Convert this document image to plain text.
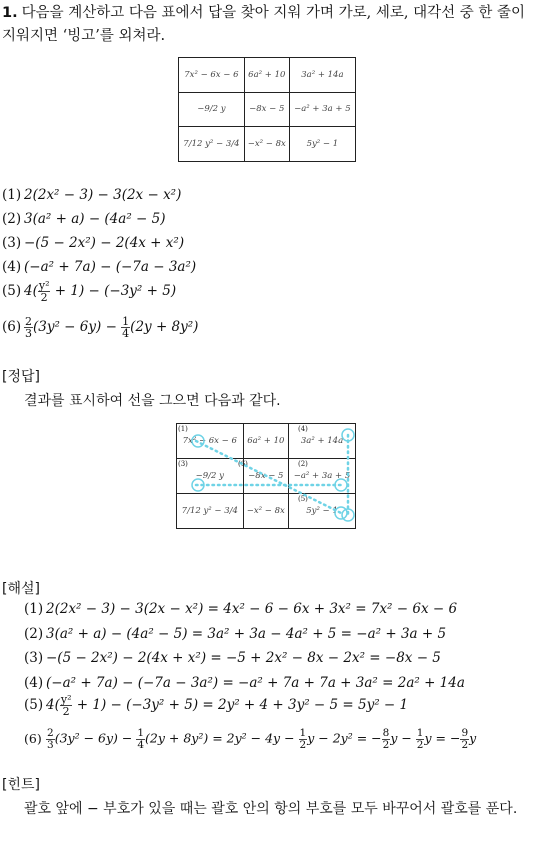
1. 다음을 계산하고 다음 표에서 답을 찾아 지워 가며 가로, 세로, 대각선 중 한 줄이 지워지면 ‘빙고’를 외쳐라.
7x² − 6x − 6	6a² + 10	3a² + 14a
−9/2 y	−8x − 5	−a² + 3a + 5
7/12 y² − 3/4	−x² − 8x	5y² − 1
(1) 2(2x² − 3) − 3(2x − x²)
(2) 3(a² + a) − (4a² − 5)
(3) −(5 − 2x²) − 2(4x + x²)
(4) (−a² + 7a) − (−7a − 3a²)
(5) $4( \frac{\text{y²}}{2} + 1) - (-3y^2 + 5)$
$(6) \frac{2}{3} (3y^2 - 6y) - \frac{1}{4} (2y + 8y^2)$
[정답]
결과를 표시하여 선을 그으면 다음과 같다.
7x² − 6x − 6	6a² + 10	3a² + 14a
−9/2 y	−8x − 5	−a² + 3a + 5
7/12 y² − 3/4	−x² − 8x	5y² − 1
(1)	(4)
(6)
(3)	(2)
(5)
[해설]
(1) 2(2x² − 3) − 3(2x − x²) = 4x² − 6 − 6x + 3x² = 7x² − 6x − 6
(2) 3(a² + a) − (4a² − 5) = 3a² + 3a − 4a² + 5 = −a² + 3a + 5
(3) −(5 − 2x²) − 2(4x + x²) = −5 + 2x² − 8x − 2x² = −8x − 5
(4) (−a² + 7a) − (−7a − 3a²) = −a² + 7a + 7a + 3a² = 2a² + 14a
(5) $4( \frac{\text{y²}}{2} + 1) - (-3y^2 + 5) = 2y^2 + 4 + 3y^2 - 5 = 5y^2 - 1$
$(6) \frac{2}{3} (3y^2 - 6y) - \frac{1}{4} (2y + 8y^2) = 2y^2 - 4y - \frac{1}{2}$ y − 2y² = − $\frac{8}{2}$ $y - \frac{1}{2}$ y = − $\frac{9}{2}$ y
[힌트]
괄호 앞에 − 부호가 있을 때는 괄호 안의 항의 부호를 모두 바꾸어서 괄호를 푼다.
